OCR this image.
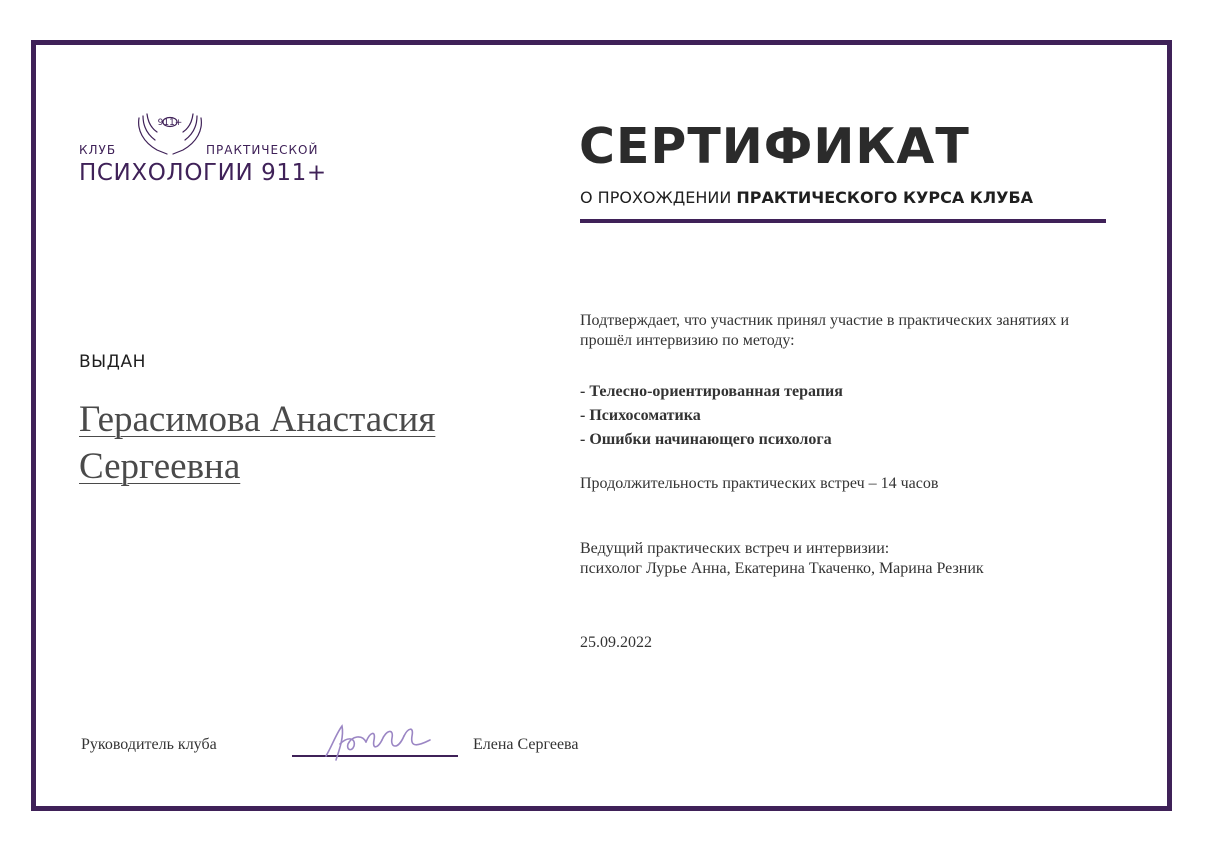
КЛУБ
911+
ПРАКТИЧЕСКОЙ
ПСИХОЛОГИИ 911+	СЕРТИФИКАТ
О ПРОХОЖДЕНИИ ПРАКТИЧЕСКОГО КУРСА КЛУБА
ВЫДАН
Герасимова Анастасия Сергеевна
Подтверждает, что участник принял участие в практических занятиях и прошёл интервизию по методу:
- Телесно-ориентированная терапия
- Психосоматика
- Ошибки начинающего психолога
Продолжительность практических встреч – 14 часов
Ведущий практических встреч и интервизии:
психолог Лурье Анна, Екатерина Ткаченко, Марина Резник
25.09.2022
Руководитель клуба	Елена Сергеева
